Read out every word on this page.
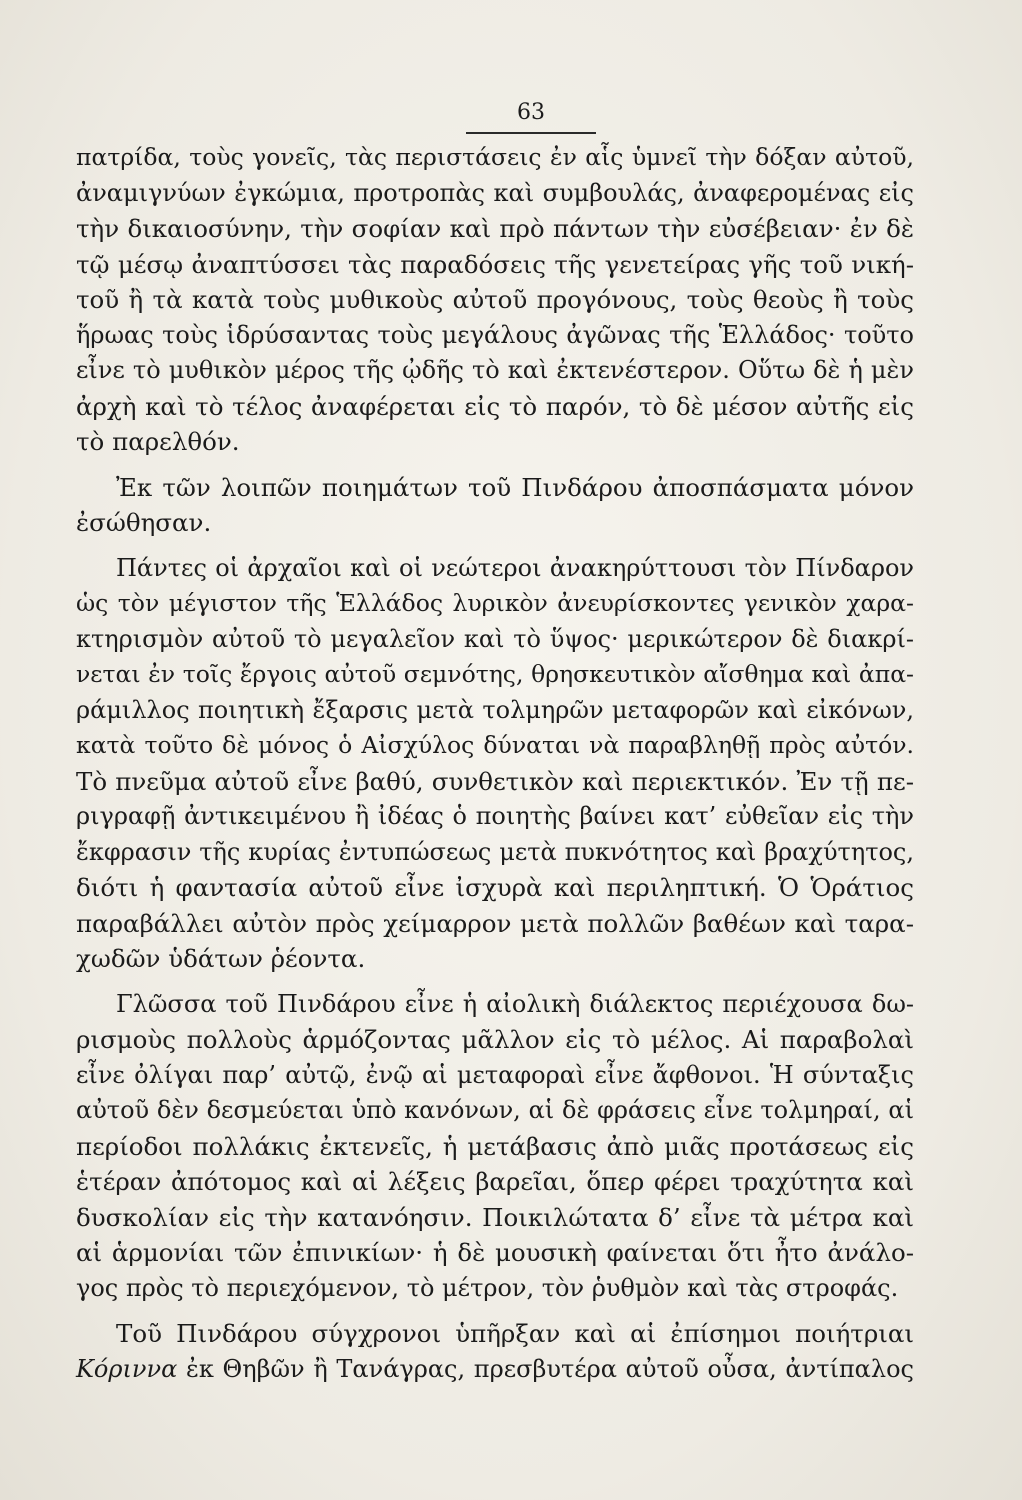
63
πατρίδα, τοὺς γονεῖς, τὰς περιστάσεις ἐν αἷς ὑμνεῖ τὴν δόξαν αὐτοῦ,
ἀναμιγνύων ἐγκώμια, προτροπὰς καὶ συμβουλάς, ἀναφερομένας εἰς
τὴν δικαιοσύνην, τὴν σοφίαν καὶ πρὸ πάντων τὴν εὐσέβειαν· ἐν δὲ
τῷ μέσῳ ἀναπτύσσει τὰς παραδόσεις τῆς γενετείρας γῆς τοῦ νική-
τοῦ ἢ τὰ κατὰ τοὺς μυθικοὺς αὐτοῦ προγόνους, τοὺς θεοὺς ἢ τοὺς
ἥρωας τοὺς ἱδρύσαντας τοὺς μεγάλους ἀγῶνας τῆς Ἑλλάδος· τοῦτο
εἶνε τὸ μυθικὸν μέρος τῆς ᾠδῆς τὸ καὶ ἐκτενέστερον. Οὕτω δὲ ἡ μὲν
ἀρχὴ καὶ τὸ τέλος ἀναφέρεται εἰς τὸ παρόν, τὸ δὲ μέσον αὐτῆς εἰς
τὸ παρελθόν.
Ἐκ τῶν λοιπῶν ποιημάτων τοῦ Πινδάρου ἀποσπάσματα μόνον
ἐσώθησαν.
Πάντες οἱ ἀρχαῖοι καὶ οἱ νεώτεροι ἀνακηρύττουσι τὸν Πίνδαρον
ὡς τὸν μέγιστον τῆς Ἑλλάδος λυρικὸν ἀνευρίσκοντες γενικὸν χαρα-
κτηρισμὸν αὐτοῦ τὸ μεγαλεῖον καὶ τὸ ὕψος· μερικώτερον δὲ διακρί-
νεται ἐν τοῖς ἔργοις αὐτοῦ σεμνότης, θρησκευτικὸν αἴσθημα καὶ ἀπα-
ράμιλλος ποιητικὴ ἔξαρσις μετὰ τολμηρῶν μεταφορῶν καὶ εἰκόνων,
κατὰ τοῦτο δὲ μόνος ὁ Αἰσχύλος δύναται νὰ παραβληθῇ πρὸς αὐτόν.
Τὸ πνεῦμα αὐτοῦ εἶνε βαθύ, συνθετικὸν καὶ περιεκτικόν. Ἐν τῇ πε-
ριγραφῇ ἀντικειμένου ἢ ἰδέας ὁ ποιητὴς βαίνει κατ’ εὐθεῖαν εἰς τὴν
ἔκφρασιν τῆς κυρίας ἐντυπώσεως μετὰ πυκνότητος καὶ βραχύτητος,
διότι ἡ φαντασία αὐτοῦ εἶνε ἰσχυρὰ καὶ περιληπτική. Ὁ Ὁράτιος
παραβάλλει αὐτὸν πρὸς χείμαρρον μετὰ πολλῶν βαθέων καὶ ταρα-
χωδῶν ὑδάτων ῥέοντα.
Γλῶσσα τοῦ Πινδάρου εἶνε ἡ αἰολικὴ διάλεκτος περιέχουσα δω-
ρισμοὺς πολλοὺς ἁρμόζοντας μᾶλλον εἰς τὸ μέλος. Αἱ παραβολαὶ
εἶνε ὀλίγαι παρ’ αὐτῷ, ἐνῷ αἱ μεταφοραὶ εἶνε ἄφθονοι. Ἡ σύνταξις
αὐτοῦ δὲν δεσμεύεται ὑπὸ κανόνων, αἱ δὲ φράσεις εἶνε τολμηραί, αἱ
περίοδοι πολλάκις ἐκτενεῖς, ἡ μετάβασις ἀπὸ μιᾶς προτάσεως εἰς
ἑτέραν ἀπότομος καὶ αἱ λέξεις βαρεῖαι, ὅπερ φέρει τραχύτητα καὶ
δυσκολίαν εἰς τὴν κατανόησιν. Ποικιλώτατα δ’ εἶνε τὰ μέτρα καὶ
αἱ ἁρμονίαι τῶν ἐπινικίων· ἡ δὲ μουσικὴ φαίνεται ὅτι ἦτο ἀνάλο-
γος πρὸς τὸ περιεχόμενον, τὸ μέτρον, τὸν ῥυθμὸν καὶ τὰς στροφάς.
Τοῦ Πινδάρου σύγχρονοι ὑπῆρξαν καὶ αἱ ἐπίσημοι ποιήτριαι
Κόριννα ἐκ Θηβῶν ἢ Τανάγρας, πρεσβυτέρα αὐτοῦ οὖσα, ἀντίπαλος
